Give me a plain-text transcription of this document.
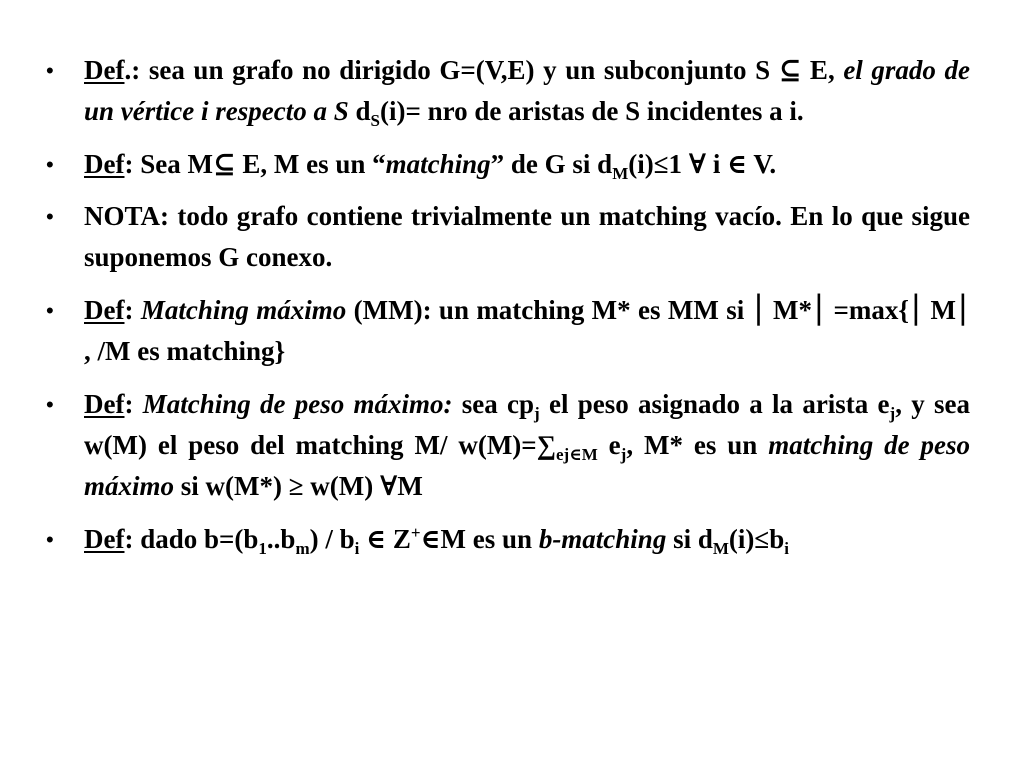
• Def.: sea un grafo no dirigido G=(V,E) y un subconjunto S ⊆ E, el grado de un vértice i respecto a S $d_S(i)=$ nro de aristas de S incidentes a i.
• Def: Sea M⊆ E, M es un “matching” de G si $d_M(i)\le 1$ ∀ i ∈ V.
• NOTA: todo grafo contiene trivialmente un matching vacío. En lo que sigue suponemos G conexo.
• Def: Matching máximo (MM): un matching M* es MM si ⎮ M*⎮ =max{⎮ M⎮ , /M es matching}
• Def: Matching de peso máximo: sea $cp_j$ el peso asignado a la arista $e_j$, y sea w(M) el peso del matching M/ $w(M)=\sum_{ej\in M}$ $e_j$, M* es un matching de peso máximo si w(M*) ≥ w(M) ∀M
• Def: dado $b=(b_1..b_m) / b_i$ ∈ Z+∈M es un b-matching si $d_M(i)\le b_i$
